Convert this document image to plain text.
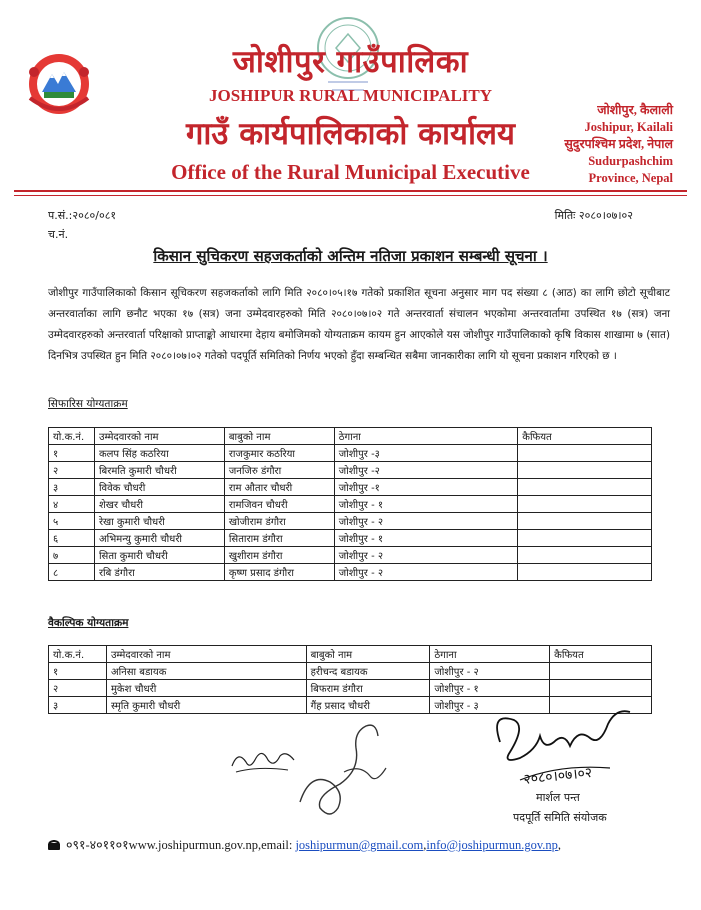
जोशीपुर गाउँपालिका
JOSHIPUR RURAL MUNICIPALITY
गाउँ कार्यपालिकाको कार्यालय
Office of the Rural Municipal Executive
जोशीपुर, कैलाली
Joshipur, Kailali
सुदुरपश्चिम प्रदेश, नेपाल
Sudurpashchim
Province, Nepal
प.सं.:२०८०/०८१
च.नं.
मितिः २०८०।०७।०२
किसान सुचिकरण सहजकर्ताको अन्तिम नतिजा प्रकाशन सम्बन्धी सूचना ।
जोशीपुर गाउँपालिकाको किसान सूचिकरण सहजकर्ताको लागि मिति २०८०।०५।१७ गतेको प्रकाशित सूचना अनुसार माग पद संख्या ८ (आठ) का लागि छोटो सूचीबाट अन्तरवार्ताका लागि छनौट भएका १७ (सत्र) जना उम्मेदवारहरुको मिति २०८०।०७।०२ गते अन्तरवार्ता संचालन भएकोमा अन्तरवार्तामा उपस्थित १७ (सत्र) जना उम्मेदवारहरुको अन्तरवार्ता परिक्षाको प्राप्ताङ्को आधारमा देहाय बमोजिमको योग्यताक्रम कायम हुन आएकोले यस जोशीपुर गाउँपालिकाको कृषि विकास शाखामा ७ (सात) दिनभित्र उपस्थित हुन मिति २०८०।०७।०२ गतेको पदपूर्ति समितिको निर्णय भएको हुँदा सम्बन्धित सबैमा जानकारीका लागि यो सूचना प्रकाशन गरिएको छ ।
सिफारिस योग्यताक्रम
यो.क.नं.	उम्मेदवारको नाम	बाबुको नाम	ठेगाना	कैफियत
१	कलप सिंह कठरिया	राजकुमार कठरिया	जोशीपुर -३	
२	बिरमति कुमारी चौधरी	जनजिरु डंगौरा	जोशीपुर -२	
३	विवेक चौधरी	राम औतार चौधरी	जोशीपुर -१	
४	शेखर चौधरी	रामजिवन चौधरी	जोशीपुर - १	
५	रेखा कुमारी चौधरी	खोजीराम डंगौरा	जोशीपुर - २	
६	अभिमन्यु कुमारी चौधरी	सिताराम डंगौरा	जोशीपुर - १	
७	सिता कुमारी चौधरी	खुशीराम डंगौरा	जोशीपुर - २	
८	रबि डंगौरा	कृष्ण प्रसाद डंगौरा	जोशीपुर - २	
वैकल्पिक योग्यताक्रम
यो.क.नं.	उम्मेदवारको नाम	बाबुको नाम	ठेगाना	कैफियत
१	अनिसा बडायक	हरीचन्द बडायक	जोशीपुर - २	
२	मुकेश चौधरी	बिफराम डंगौरा	जोशीपुर - १	
३	स्मृति कुमारी चौधरी	गैंह प्रसाद चौधरी	जोशीपुर - ३	
२०८०।०७।०२
मार्शल पन्त
पदपूर्ति समिति संयोजक
०९१-४०११०१www.joshipurmun.gov.np,email: joshipurmun@gmail.com,info@joshipurmun.gov.np,
